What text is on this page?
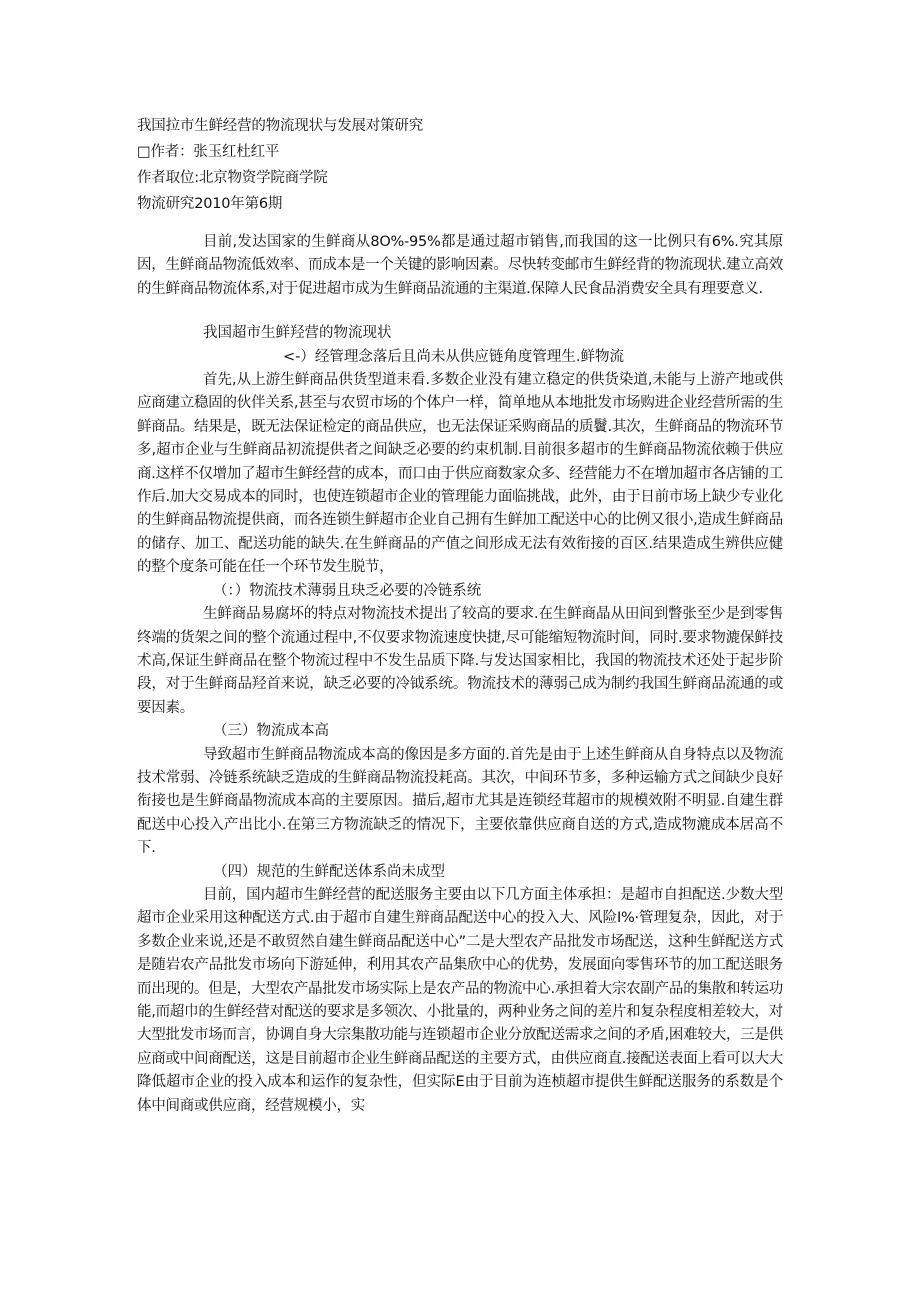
我国拉市生鲜经营的物流现状与发展对策研究
□作者：张玉红杜红平
作者取位:北京物资学院商学院
物流研究2010年第6期

目前,发达国家的生鲜商从8O%-95%都是通过超市销售,而我国的这一比例只有6%.究其原因，生鲜商品物流低效率、而成本是一个关键的影响因素。尽快转变邮市生鲜经背的物流现状.建立高效的生鲜商品物流体系,对于促进超市成为生鲜商品流通的主渠道.保障人民食品消费安全具有理要意义.

我国超市生鲜羟营的物流现状

<-）经管理念落后且尚未从供应链角度管理生.鲜物流

首先,从上游生鲜商品供货型道耒看.多数企业没有建立稳定的供货染道,未能与上游产地或供应商建立稳固的伙伴关系,甚至与农贸市场的个体户一样，简单地从本地批发市场购进企业经营所需的生鲜商品。结果是，既无法保证检定的商品供应，也无法保证采购商品的质鬢.其次，生鲜商品的物流环节多,超市企业与生鲜商品初流提供者之间缺乏必要的约束机制.目前很多超市的生鲜商品物流依赖于供应商.这样不仅增加了超市生鲜经营的成本，而口由于供应商数家众多、经营能力不在增加超市各店铺的工作后.加大交易成本的同时，也使连锁超市企业的管理能力面临挑战，此外，由于日前市场上缺少专业化的生鲜商品物流提供商，而各连锁生鲜超市企业自己拥有生鲜加工配送中心的比例又很小,造成生鲜商品的储存、加工、配送功能的缺失.在生鲜商品的产值之间形成无法有效衔接的百区.结果造成生辨供应健的整个度条可能在任一个环节发生脱节，

（：）物流技术薄弱且玦乏必要的冷链系统

生鲜商品易腐坏的特点对物流技术提出了较高的要求.在生鲜商晶从田间到瞥张至少是到零售终端的货架之间的整个流通过程中,不仅要求物流速度快捷,尽可能缩短物流时间，同时.要求物漉保鲜技术高,保证生鲜商品在整个物流过程中不发生品质下降.与发达国家相比，我国的物流技术还处于起步阶段，对于生鲜商品羟首来说，缺乏必要的冷钺系统。物流技术的薄弱己成为制约我国生鲜商品流通的或要因素。

（三）物流成本高

导致超市生鲜商品物流成本高的像因是多方面的.首先是由于上述生鲜商从自身特点以及物流技术常弱、冷链系统缺乏造成的生鲜商品物流投耗高。其次，中间环节多，多种运输方式之间缺少良好衔接也是生鲜商晶物流成本高的主要原因。描后,超市尤其是连锁经茸超市的规模效附不明显.自建生群配送中心投入产出比小.在第三方物流缺乏的情况下，主要依靠供应商自送的方式,造成物漉成本居高不下.

（四）规范的生鲜配送体系尚未成型

目前，国内超市生鲜经营的配送服务主要由以下几方面主体承担：是超市自担配送.少数大型超市企业采用这种配送方式.由于超市自建生辩商品配送中心的投入大、风险I%·管理复杂，因此，对于多数企业来说,还是不敢贸然自建生鲜商品配送中心”二是大型农产品批发市场配送，这种生鲜配送方式是随岩农产品批发市场向下游延伸，利用其农产品集欣中心的优势，发展面向零售环节的加工配送眼务而出现的。但是，大型农产晶批发市场实际上是农产品的物流中心.承担着大宗农副产品的集散和转运功能,而超巾的生鲜经营对配送的要求是多领次、小批量的，两种业务之间的差片和复杂程度相差较大，对大型批发市场而言，协调自身大宗集散功能与连锁超市企业分放配送需求之间的矛盾,困难较大，三是供应商或中间商配送，这是目前超市企业生鲜商品配送的主要方式，由供应商直.接配送表面上看可以大大降低超市企业的投入成本和运作的复杂性，但实际E由于目前为连桢超市提供生鲜配送服务的系数是个体中间商或供应商，经营规模小，实
